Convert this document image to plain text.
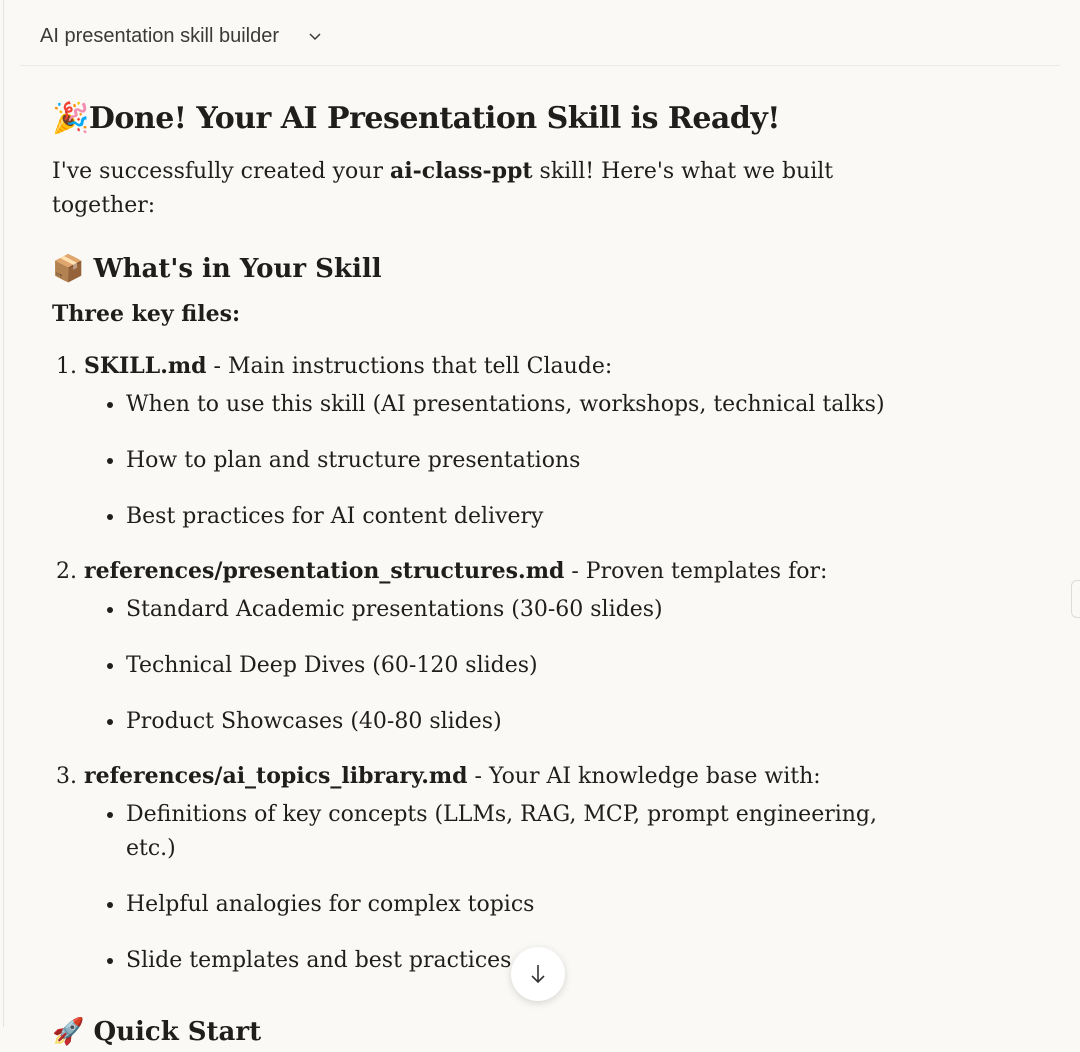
AI presentation skill builder
🎉Done! Your AI Presentation Skill is Ready!

I've successfully created your ai-class-ppt skill! Here's what we built together:

📦 What's in Your Skill

Three key files:

1. SKILL.md - Main instructions that tell Claude:
• When to use this skill (AI presentations, workshops, technical talks)
• How to plan and structure presentations
• Best practices for AI content delivery
2. references/presentation_structures.md - Proven templates for:
• Standard Academic presentations (30-60 slides)
• Technical Deep Dives (60-120 slides)
• Product Showcases (40-80 slides)
3. references/ai_topics_library.md - Your AI knowledge base with:
• Definitions of key concepts (LLMs, RAG, MCP, prompt engineering, etc.)
• Helpful analogies for complex topics
• Slide templates and best practices
🚀 Quick Start
